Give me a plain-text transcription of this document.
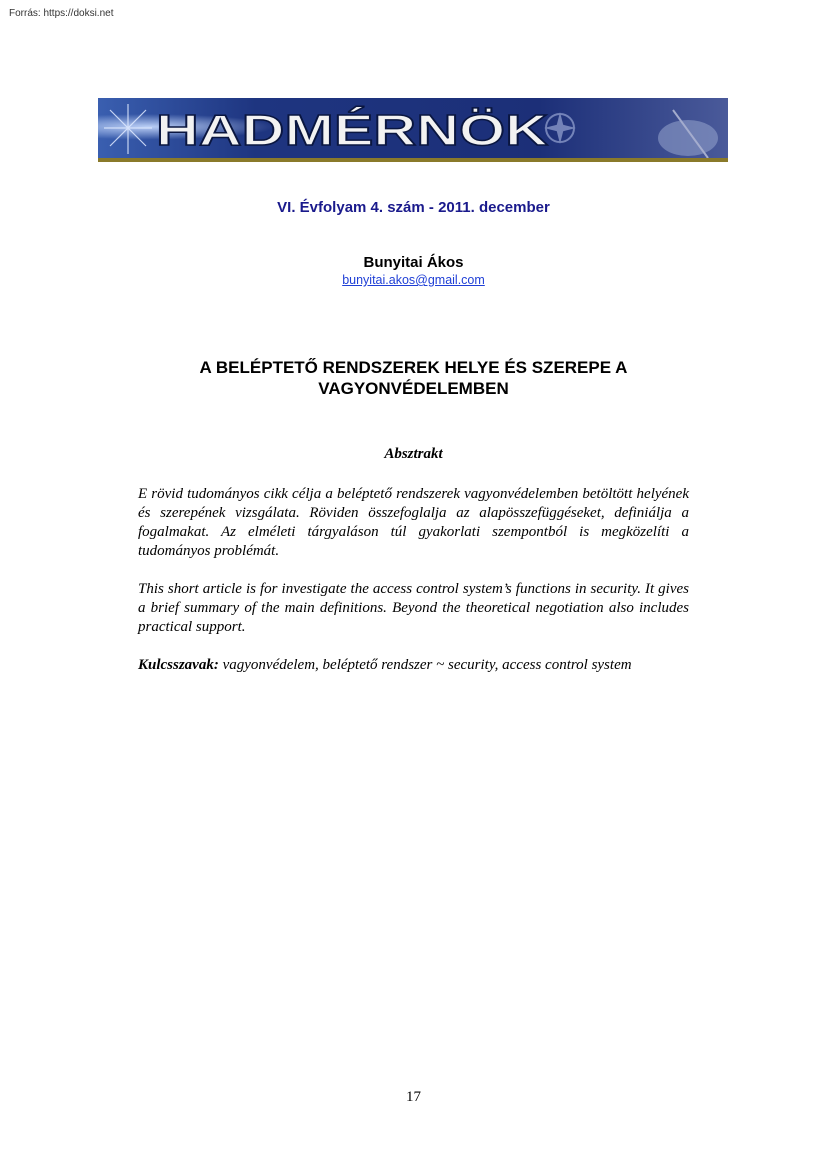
Forrás: https://doksi.net
HADMÉRNÖK
VI. Évfolyam 4. szám - 2011. december
Bunyitai Ákos
bunyitai.akos@gmail.com
A BELÉPTETŐ RENDSZEREK HELYE ÉS SZEREPE A VAGYONVÉDELEMBEN
Absztrakt
E rövid tudományos cikk célja a beléptető rendszerek vagyonvédelemben betöltött helyének és szerepének vizsgálata. Röviden összefoglalja az alapösszefüggéseket, definiálja a fogalmakat. Az elméleti tárgyaláson túl gyakorlati szempontból is megközelíti a tudományos problémát.
This short article is for investigate the access control system’s functions in security. It gives a brief summary of the main definitions. Beyond the theoretical negotiation also includes practical support.
Kulcsszavak: vagyonvédelem, beléptető rendszer ~ security, access control system
17
